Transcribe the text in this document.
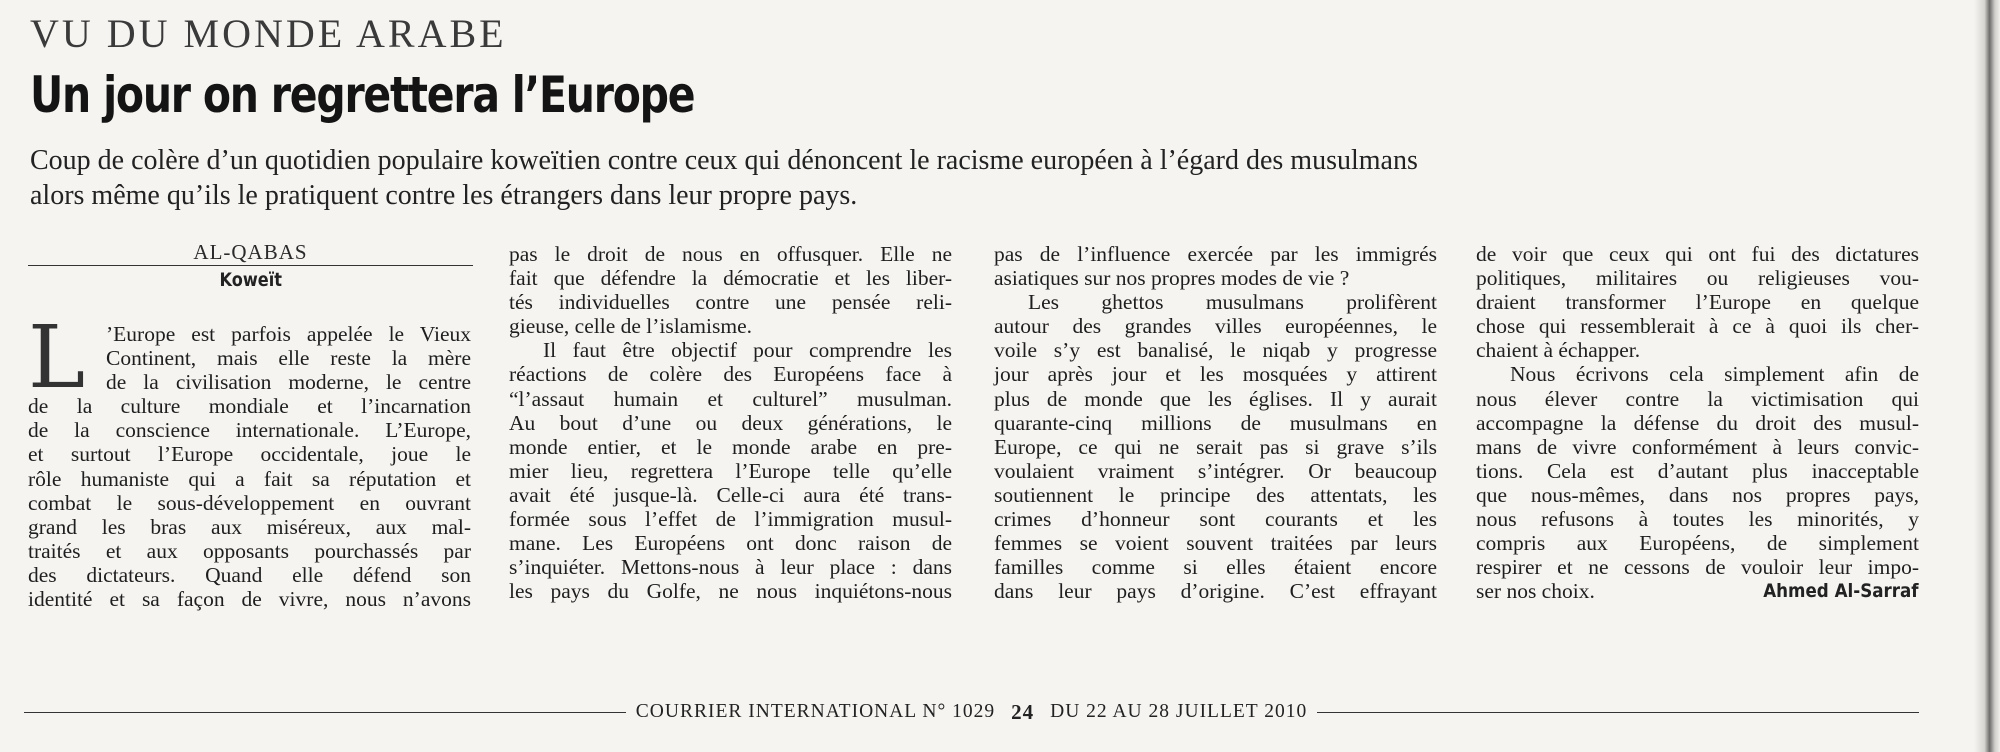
VU DU MONDE ARABE
Un jour on regrettera l’Europe

Coup de colère d’un quotidien populaire koweïtien contre ceux qui dénoncent le racisme européen à l’égard des musulmans
alors même qu’ils le pratiquent contre les étrangers dans leur propre pays.

AL-QABAS
Koweït
L ’Europe est parfois appelée le Vieux
Continent, mais elle reste la mère
de la civilisation moderne, le centre
de la culture mondiale et l’incarnation
de la conscience internationale. L’Europe,
et surtout l’Europe occidentale, joue le
rôle humaniste qui a fait sa réputation et
combat le sous-développement en ouvrant
grand les bras aux miséreux, aux mal-
traités et aux opposants pourchassés par
des dictateurs. Quand elle défend son
identité et sa façon de vivre, nous n’avons
pas le droit de nous en offusquer. Elle ne
fait que défendre la démocratie et les liber-
tés individuelles contre une pensée reli-
gieuse, celle de l’islamisme.
Il faut être objectif pour comprendre les
réactions de colère des Européens face à
“l’assaut humain et culturel” musulman.
Au bout d’une ou deux générations, le
monde entier, et le monde arabe en pre-
mier lieu, regrettera l’Europe telle qu’elle
avait été jusque-là. Celle-ci aura été trans-
formée sous l’effet de l’immigration musul-
mane. Les Européens ont donc raison de
s’inquiéter. Mettons-nous à leur place : dans
les pays du Golfe, ne nous inquiétons-nous
pas de l’influence exercée par les immigrés
asiatiques sur nos propres modes de vie ?
Les ghettos musulmans prolifèrent
autour des grandes villes européennes, le
voile s’y est banalisé, le niqab y progresse
jour après jour et les mosquées y attirent
plus de monde que les églises. Il y aurait
quarante-cinq millions de musulmans en
Europe, ce qui ne serait pas si grave s’ils
voulaient vraiment s’intégrer. Or beaucoup
soutiennent le principe des attentats, les
crimes d’honneur sont courants et les
femmes se voient souvent traitées par leurs
familles comme si elles étaient encore
dans leur pays d’origine. C’est effrayant
de voir que ceux qui ont fui des dictatures
politiques, militaires ou religieuses vou-
draient transformer l’Europe en quelque
chose qui ressemblerait à ce à quoi ils cher-
chaient à échapper.
Nous écrivons cela simplement afin de
nous élever contre la victimisation qui
accompagne la défense du droit des musul-
mans de vivre conformément à leurs convic-
tions. Cela est d’autant plus inacceptable
que nous-mêmes, dans nos propres pays,
nous refusons à toutes les minorités, y
compris aux Européens, de simplement
respirer et ne cessons de vouloir leur impo-
ser nos choix.	Ahmed Al-Sarraf
COURRIER INTERNATIONAL N° 1029 24 DU 22 AU 28 JUILLET 2010
